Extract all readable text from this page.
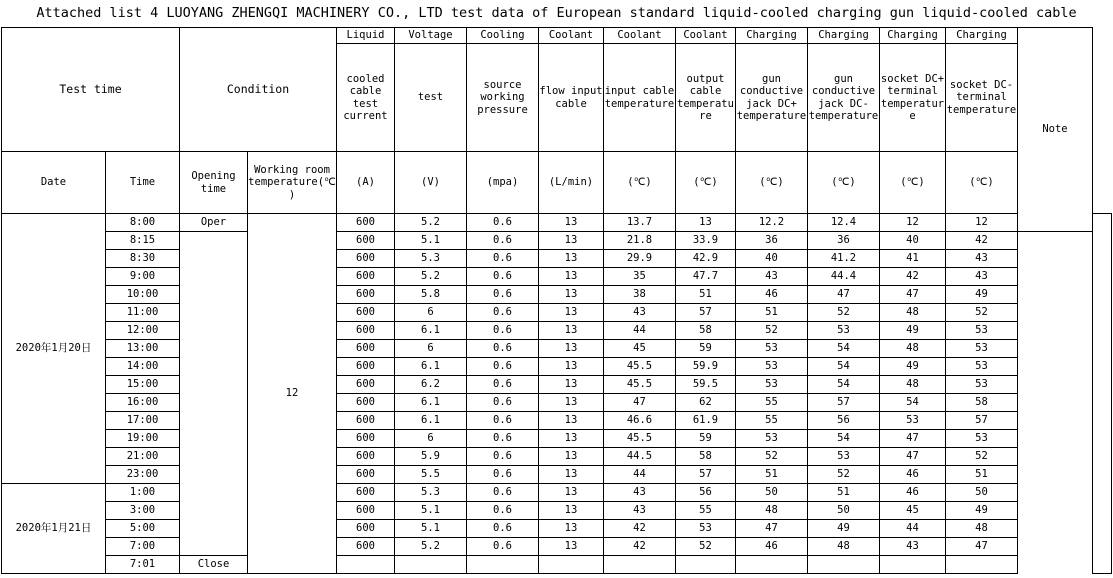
Attached list 4 LUOYANG ZHENGQI MACHINERY CO., LTD test data of European standard liquid-cooled charging gun liquid-cooled cable
Test time		Condition		Liquid	Voltage	Cooling	Coolant	Coolant	Coolant	Charging	Charging	Charging	Charging	Note	
				cooled cable test current	test	source working pressure	flow input cable	input cable temperature	output cable temperature	gun conductive jack DC+ temperature	gun conductive jack DC- temperature	socket DC+ terminal temperature	socket DC- terminal temperature		
Date	Time	Opening time	Working room temperature(℃)	(A)	(V)	(mpa)	(L/min)	(℃)	(℃)	(℃)	(℃)	(℃)	(℃)		
2020年1月20日	8:00	Oper	12	600	5.2	0.6	13	13.7	13	12.2	12.4	12	12		
	8:15			600	5.1	0.6	13	21.8	33.9	36	36	40	42		
	8:30			600	5.3	0.6	13	29.9	42.9	40	41.2	41	43		
	9:00			600	5.2	0.6	13	35	47.7	43	44.4	42	43		
	10:00			600	5.8	0.6	13	38	51	46	47	47	49		
	11:00			600	6	0.6	13	43	57	51	52	48	52		
	12:00			600	6.1	0.6	13	44	58	52	53	49	53		
	13:00			600	6	0.6	13	45	59	53	54	48	53		
	14:00			600	6.1	0.6	13	45.5	59.9	53	54	49	53		
	15:00			600	6.2	0.6	13	45.5	59.5	53	54	48	53		
	16:00			600	6.1	0.6	13	47	62	55	57	54	58		
	17:00			600	6.1	0.6	13	46.6	61.9	55	56	53	57		
	19:00			600	6	0.6	13	45.5	59	53	54	47	53		
	21:00			600	5.9	0.6	13	44.5	58	52	53	47	52		
	23:00			600	5.5	0.6	13	44	57	51	52	46	51		
2020年1月21日	1:00			600	5.3	0.6	13	43	56	50	51	46	50		
	3:00			600	5.1	0.6	13	43	55	48	50	45	49		
	5:00			600	5.1	0.6	13	42	53	47	49	44	48		
	7:00			600	5.2	0.6	13	42	52	46	48	43	47		
	7:01	Close													
